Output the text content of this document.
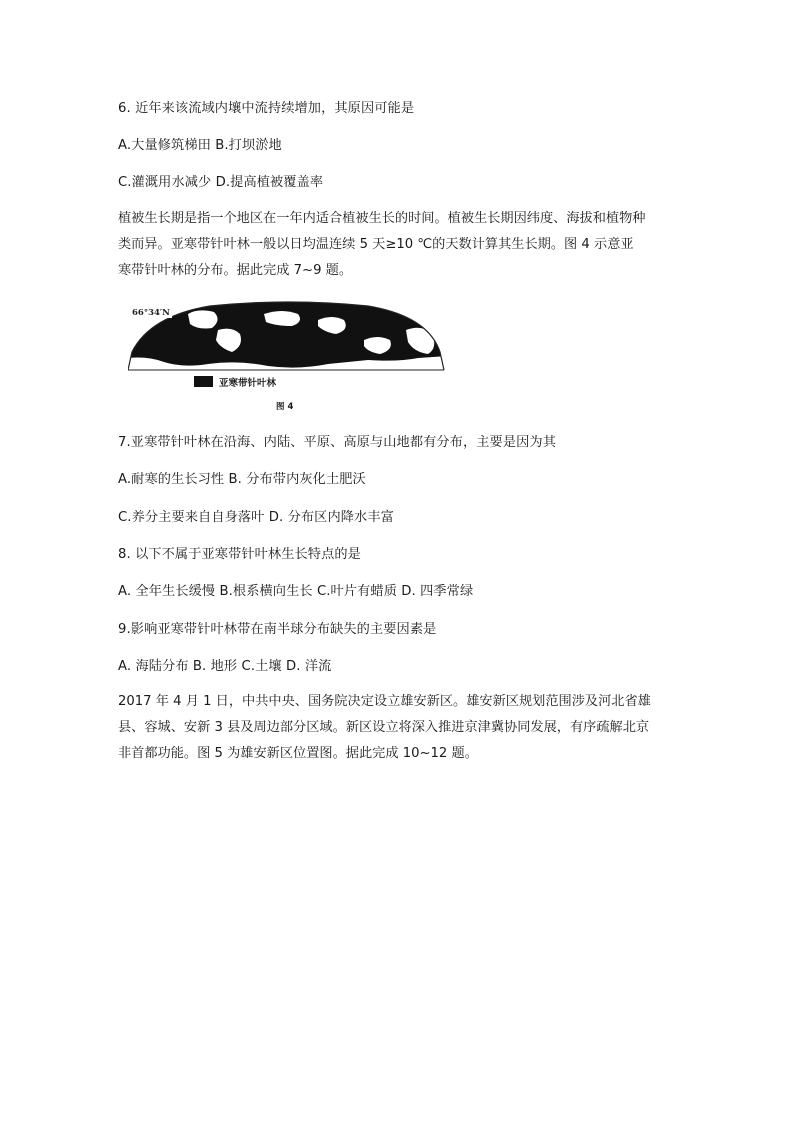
6. 近年来该流域内壤中流持续增加，其原因可能是
A.大量修筑梯田 B.打坝淤地
C.灌溉用水减少 D.提高植被覆盖率
植被生长期是指一个地区在一年内适合植被生长的时间。植被生长期因纬度、海拔和植物种
类而异。亚寒带针叶林一般以日均温连续 5 天≥10 ℃的天数计算其生长期。图 4 示意亚
寒带针叶林的分布。据此完成 7~9 题。
66°34′N
亚寒带针叶林
图 4
7.亚寒带针叶林在沿海、内陆、平原、高原与山地都有分布，主要是因为其
A.耐寒的生长习性 B. 分布带内灰化土肥沃
C.养分主要来自自身落叶 D. 分布区内降水丰富
8. 以下不属于亚寒带针叶林生长特点的是
A. 全年生长缓慢 B.根系横向生长 C.叶片有蜡质 D. 四季常绿
9.影响亚寒带针叶林带在南半球分布缺失的主要因素是
A. 海陆分布 B. 地形 C.土壤 D. 洋流
2017 年 4 月 1 日，中共中央、国务院决定设立雄安新区。雄安新区规划范围涉及河北省雄
县、容城、安新 3 县及周边部分区域。新区设立将深入推进京津冀协同发展，有序疏解北京
非首都功能。图 5 为雄安新区位置图。据此完成 10~12 题。
